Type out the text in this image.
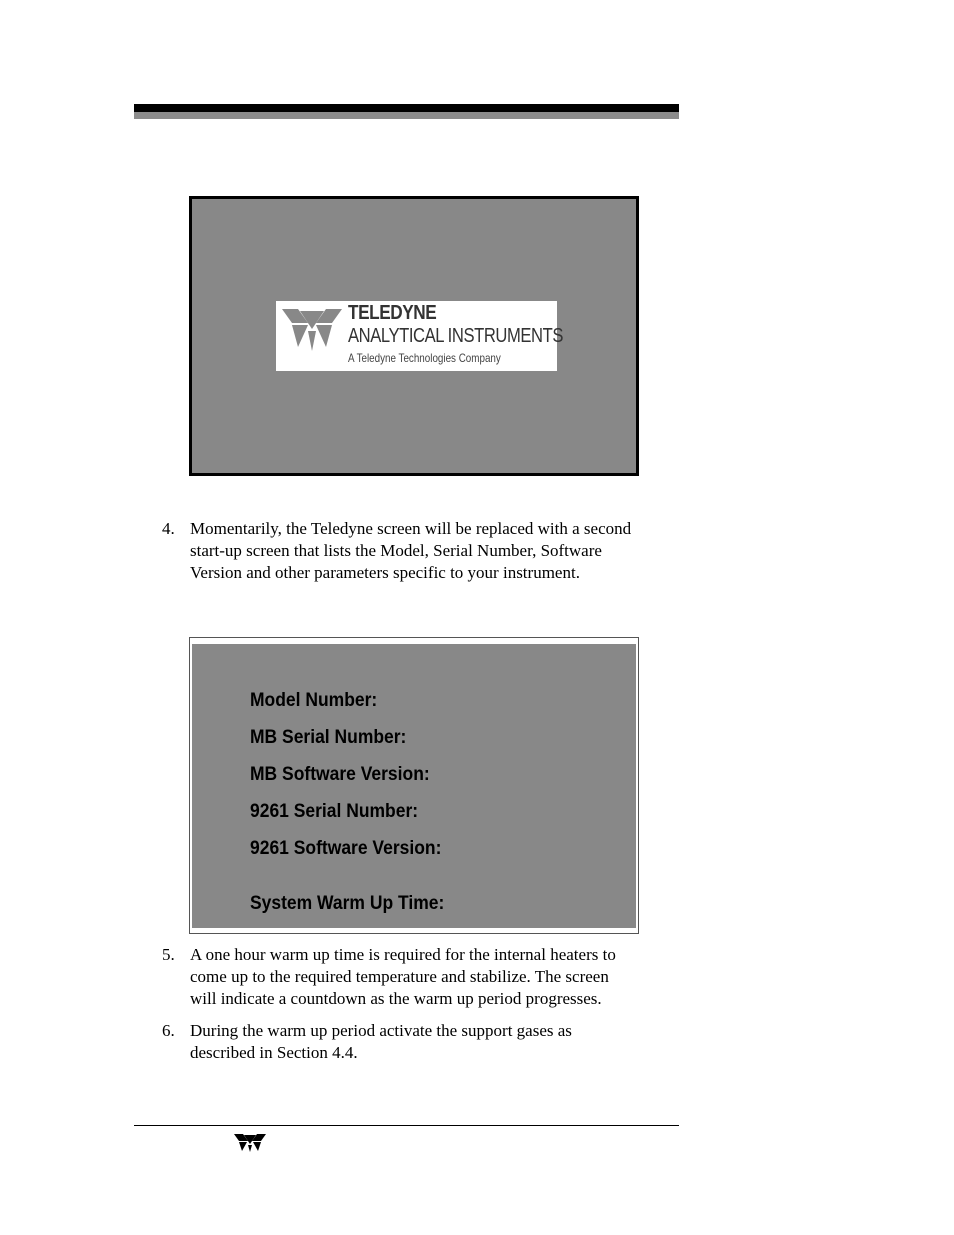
TELEDYNE
ANALYTICAL INSTRUMENTS
A Teledyne Technologies Company
4. Momentarily, the Teledyne screen will be replaced with a second
start-up screen that lists the Model, Serial Number, Software
Version and other parameters specific to your instrument.
Model Number:
MB Serial Number:
MB Software Version:
9261 Serial Number:
9261 Software Version:
System Warm Up Time:
5. A one hour warm up time is required for the internal heaters to
come up to the required temperature and stabilize. The screen
will indicate a countdown as the warm up period progresses.
6. During the warm up period activate the support gases as
described in Section 4.4.
